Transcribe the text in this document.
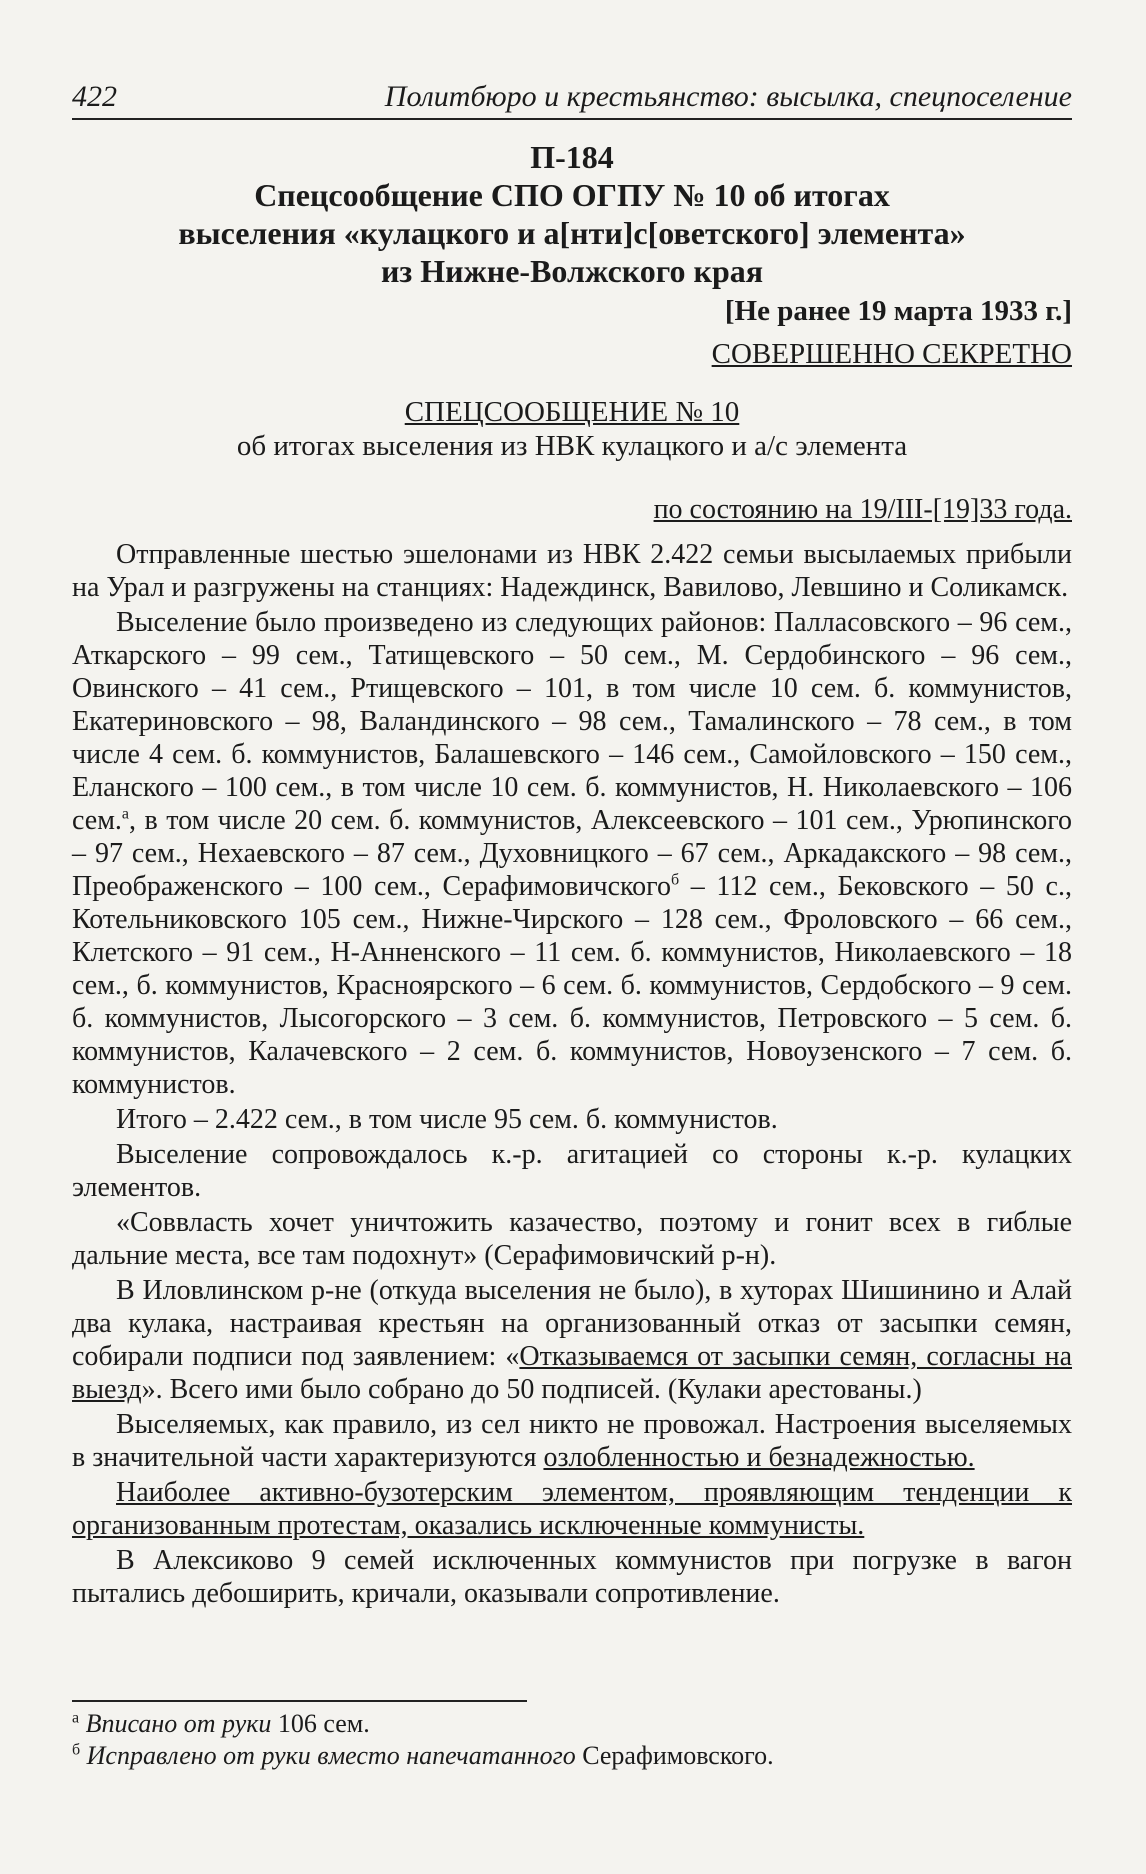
422	Политбюро и крестьянство: высылка, спецпоселение
П-184
Спецсообщение СПО ОГПУ № 10 об итогах
выселения «кулацкого и а[нти]с[оветского] элемента»
из Нижне-Волжского края
[Не ранее 19 марта 1933 г.]
СОВЕРШЕННО СЕКРЕТНО
СПЕЦСООБЩЕНИЕ № 10
об итогах выселения из НВК кулацкого и а/с элемента
по состоянию на 19/III-[19]33 года.

Отправленные шестью эшелонами из НВК 2.422 семьи высылаемых прибыли на Урал и разгружены на станциях: Надеждинск, Вавилово, Левшино и Соликамск.

Выселение было произведено из следующих районов: Палласовского – 96 сем., Аткарского – 99 сем., Татищевского – 50 сем., М. Сердобинского – 96 сем., Овинского – 41 сем., Ртищевского – 101, в том числе 10 сем. б. коммунистов, Екатериновского – 98, Валандинского – 98 сем., Тамалинского – 78 сем., в том числе 4 сем. б. коммунистов, Балашевского – 146 сем., Самойловского – 150 сем., Еланского – 100 сем., в том числе 10 сем. б. коммунистов, Н. Николаевского – 106 сем.$^а$, в том числе 20 сем. б. коммунистов, Алексеевского – 101 сем., Урюпинского – 97 сем., Нехаевского – 87 сем., Духовницкого – 67 сем., Аркадакского – 98 сем., Преображенского – 100 сем., Серафимовичского$^б$ – 112 сем., Бековского – 50 с., Котельниковского 105 сем., Нижне-Чирского – 128 сем., Фроловского – 66 сем., Клетского – 91 сем., Н-Анненского – 11 сем. б. коммунистов, Николаевского – 18 сем., б. коммунистов, Красноярского – 6 сем. б. коммунистов, Сердобского – 9 сем. б. коммунистов, Лысогорского – 3 сем. б. коммунистов, Петровского – 5 сем. б. коммунистов, Калачевского – 2 сем. б. коммунистов, Новоузенского – 7 сем. б. коммунистов.

Итого – 2.422 сем., в том числе 95 сем. б. коммунистов.

Выселение сопровождалось к.-р. агитацией со стороны к.-р. кулацких элементов.

«Соввласть хочет уничтожить казачество, поэтому и гонит всех в гиблые дальние места, все там подохнут» (Серафимовичский р-н).

В Иловлинском р-не (откуда выселения не было), в хуторах Шишинино и Алай два кулака, настраивая крестьян на организованный отказ от засыпки семян, собирали подписи под заявлением: «Отказываемся от засыпки семян, согласны на выезд». Всего ими было собрано до 50 подписей. (Кулаки арестованы.)

Выселяемых, как правило, из сел никто не провожал. Настроения выселяемых в значительной части характеризуются озлобленностью и безнадежностью.

Наиболее активно-бузотерским элементом, проявляющим тенденции к организованным протестам, оказались исключенные коммунисты.

В Алексиково 9 семей исключенных коммунистов при погрузке в вагон пытались дебоширить, кричали, оказывали сопротивление.

$^а$ Вписано от руки 106 сем.
$^б$ Исправлено от руки вместо напечатанного Серафимовского.
